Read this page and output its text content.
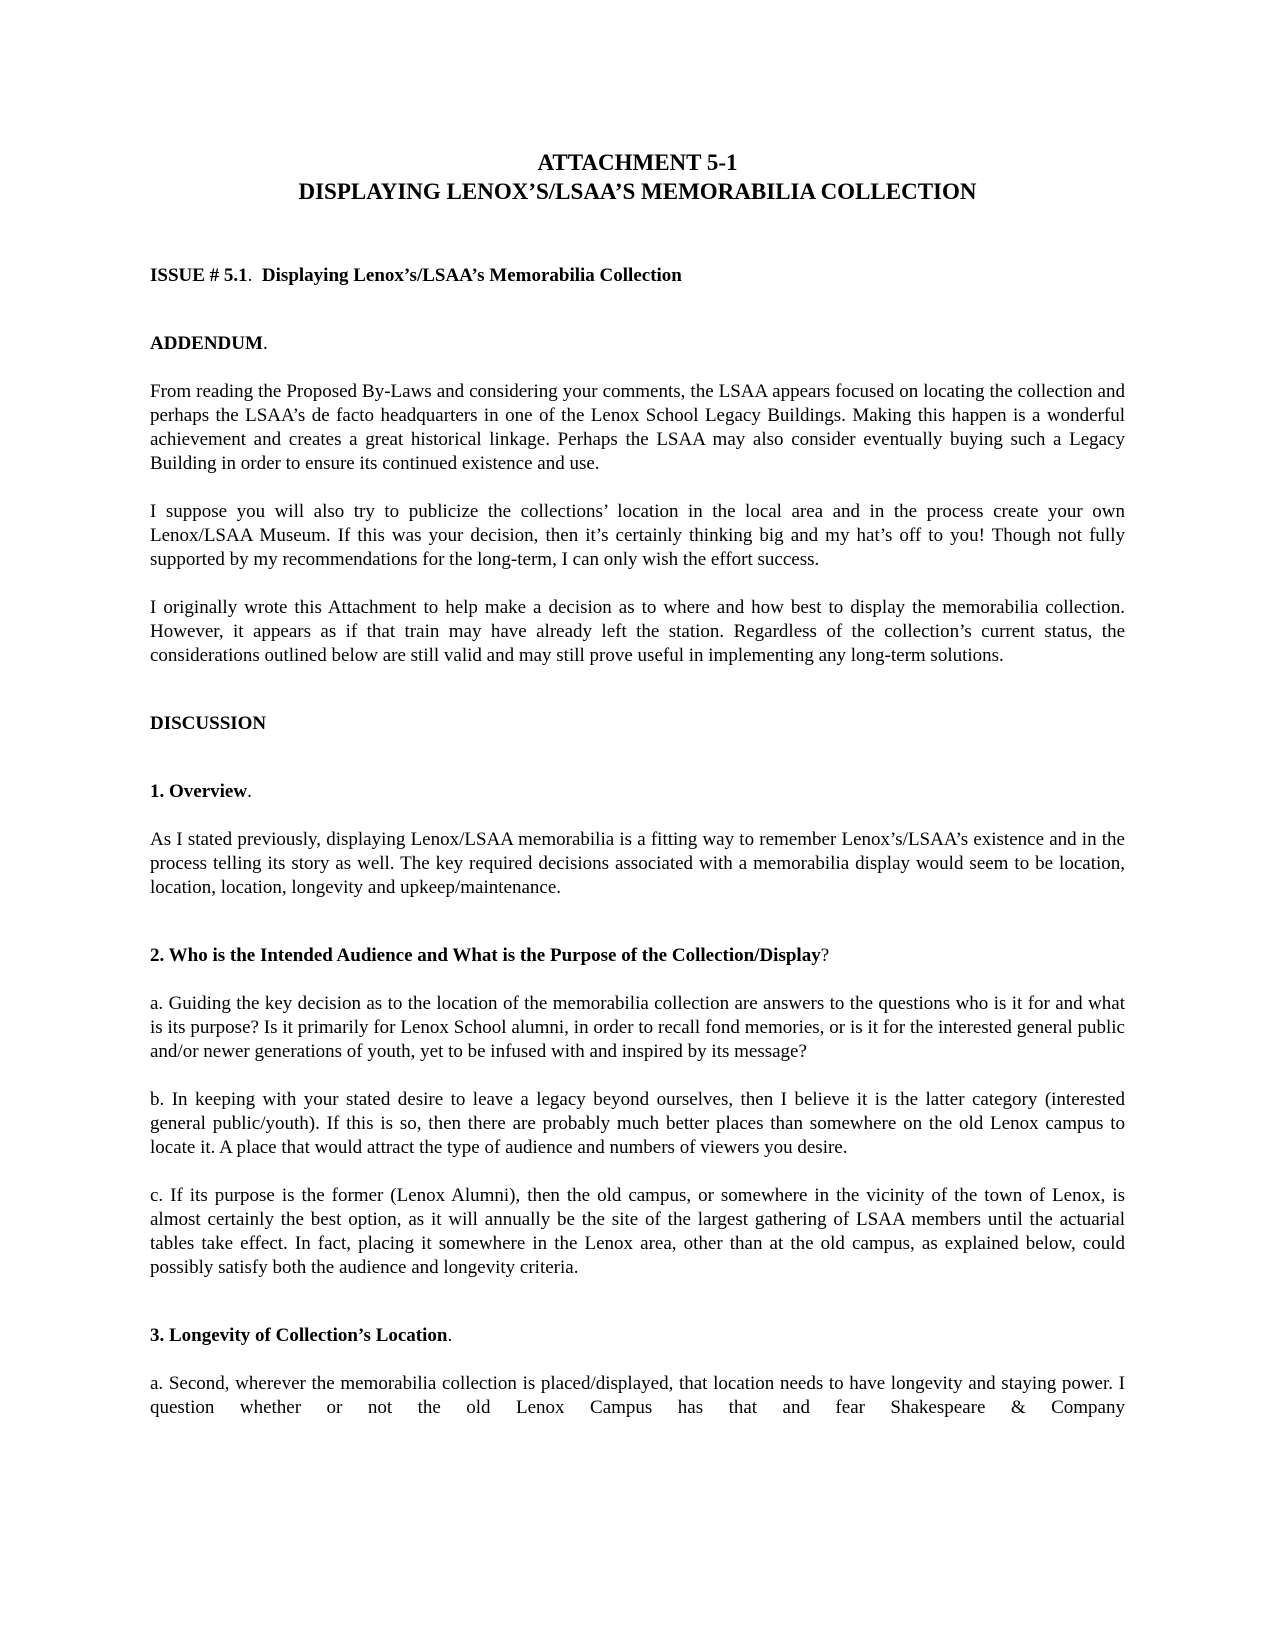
ATTACHMENT 5-1
DISPLAYING LENOX’S/LSAA’S MEMORABILIA COLLECTION

ISSUE # 5.1.  Displaying Lenox’s/LSAA’s Memorabilia Collection

ADDENDUM.

From reading the Proposed By-Laws and considering your comments, the LSAA appears focused on locating the collection and perhaps the LSAA’s de facto headquarters in one of the Lenox School Legacy Buildings. Making this happen is a wonderful achievement and creates a great historical linkage. Perhaps the LSAA may also consider eventually buying such a Legacy Building in order to ensure its continued existence and use.

I suppose you will also try to publicize the collections’ location in the local area and in the process create your own Lenox/LSAA Museum. If this was your decision, then it’s certainly thinking big and my hat’s off to you! Though not fully supported by my recommendations for the long-term, I can only wish the effort success.

I originally wrote this Attachment to help make a decision as to where and how best to display the memorabilia collection. However, it appears as if that train may have already left the station. Regardless of the collection’s current status, the considerations outlined below are still valid and may still prove useful in implementing any long-term solutions.

DISCUSSION

1. Overview.

As I stated previously, displaying Lenox/LSAA memorabilia is a fitting way to remember Lenox’s/LSAA’s existence and in the process telling its story as well. The key required decisions associated with a memorabilia display would seem to be location, location, location, longevity and upkeep/maintenance.

2. Who is the Intended Audience and What is the Purpose of the Collection/Display?

a. Guiding the key decision as to the location of the memorabilia collection are answers to the questions who is it for and what is its purpose? Is it primarily for Lenox School alumni, in order to recall fond memories, or is it for the interested general public and/or newer generations of youth, yet to be infused with and inspired by its message?

b. In keeping with your stated desire to leave a legacy beyond ourselves, then I believe it is the latter category (interested general public/youth). If this is so, then there are probably much better places than somewhere on the old Lenox campus to locate it. A place that would attract the type of audience and numbers of viewers you desire.

c. If its purpose is the former (Lenox Alumni), then the old campus, or somewhere in the vicinity of the town of Lenox, is almost certainly the best option, as it will annually be the site of the largest gathering of LSAA members until the actuarial tables take effect. In fact, placing it somewhere in the Lenox area, other than at the old campus, as explained below, could possibly satisfy both the audience and longevity criteria.

3. Longevity of Collection’s Location.

a. Second, wherever the memorabilia collection is placed/displayed, that location needs to have longevity and staying power. I question whether or not the old Lenox Campus has that and fear Shakespeare & Company
